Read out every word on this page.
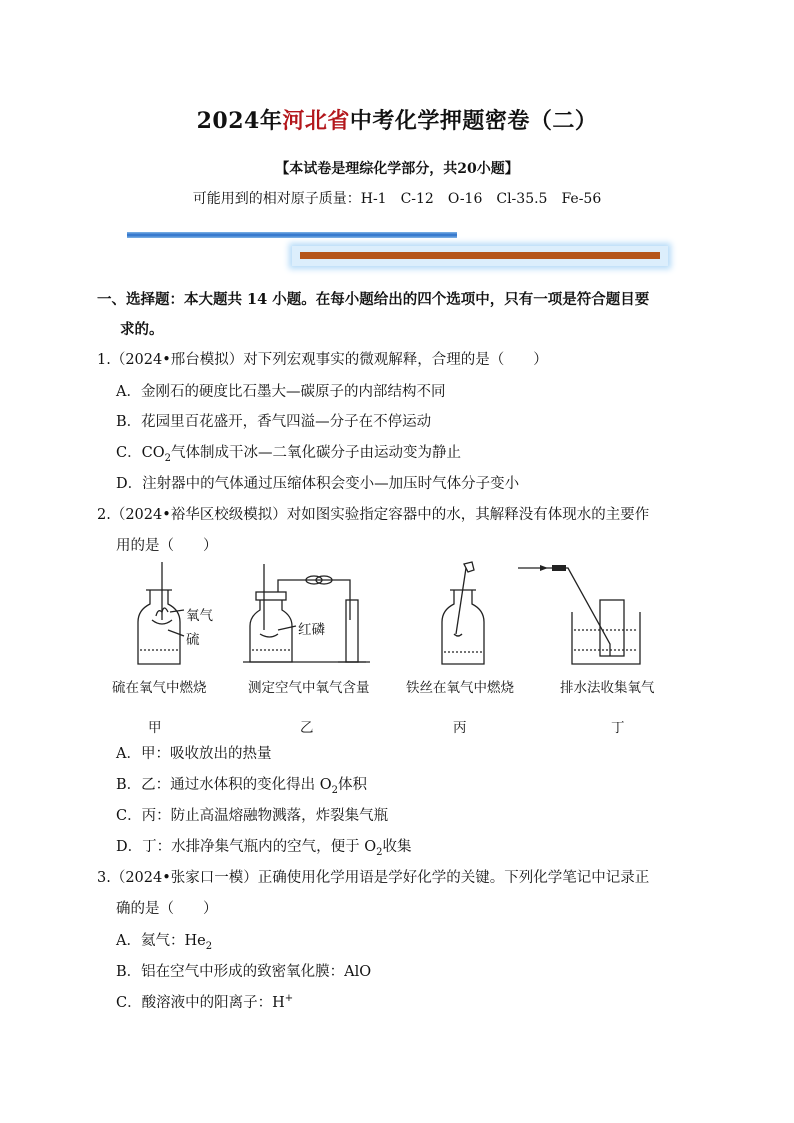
2024年河北省中考化学押题密卷（二）
【本试卷是理综化学部分，共20小题】
可能用到的相对原子质量：H-1　C-12　O-16　Cl-35.5　Fe-56
一、选择题：本大题共 14 小题。在每小题给出的四个选项中，只有一项是符合题目要
求的。
1.（2024•邢台模拟）对下列宏观事实的微观解释，合理的是（　　）
A．金刚石的硬度比石墨大—碳原子的内部结构不同
B．花园里百花盛开，香气四溢—分子在不停运动
C．$CO_2$气体制成干冰—二氧化碳分子由运动变为静止
D．注射器中的气体通过压缩体积会变小—加压时气体分子变小
2.（2024•裕华区校级模拟）对如图实验指定容器中的水，其解释没有体现水的主要作
用的是（　　）
氧气
硫
红磷
硫在氧气中燃烧	测定空气中氧气含量	铁丝在氧气中燃烧	排水法收集氧气
甲	乙	丙	丁
A．甲：吸收放出的热量
B．乙：通过水体积的变化得出 $O_2$体积
C．丙：防止高温熔融物溅落，炸裂集气瓶
D．丁：水排净集气瓶内的空气，便于 $O_2$收集
3.（2024•张家口一模）正确使用化学用语是学好化学的关键。下列化学笔记中记录正
确的是（　　）
A．氦气：$He_2$
B．铝在空气中形成的致密氧化膜：AlO
C．酸溶液中的阳离子：H+
